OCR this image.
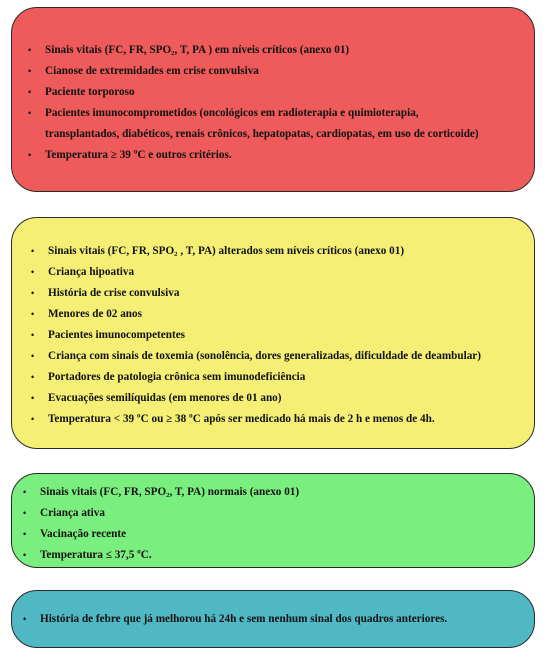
• Sinais vitais (FC, FR, SPO₂, T, PA ) em níveis críticos (anexo 01)
• Cianose de extremidades em crise convulsiva
• Paciente torporoso
• Pacientes imunocomprometidos (oncológicos em radioterapia e quimioterapia,
transplantados, diabéticos, renais crônicos, hepatopatas, cardiopatas, em uso de corticoide)
• Temperatura ≥ 39 ºC e outros critérios.
• Sinais vitais (FC, FR, SPO₂ , T, PA) alterados sem níveis críticos (anexo 01)
• Criança hipoativa
• História de crise convulsiva
• Menores de 02 anos
• Pacientes imunocompetentes
• Criança com sinais de toxemia (sonolência, dores generalizadas, dificuldade de deambular)
• Portadores de patologia crônica sem imunodeficiência
• Evacuações semilíquidas (em menores de 01 ano)
• Temperatura < 39 ºC ou ≥ 38 ºC após ser medicado há mais de 2 h e menos de 4h.
• Sinais vitais (FC, FR, SPO₂, T, PA) normais (anexo 01)
• Criança ativa
• Vacinação recente
• Temperatura ≤ 37,5 ºC.
• História de febre que já melhorou há 24h e sem nenhum sinal dos quadros anteriores.
